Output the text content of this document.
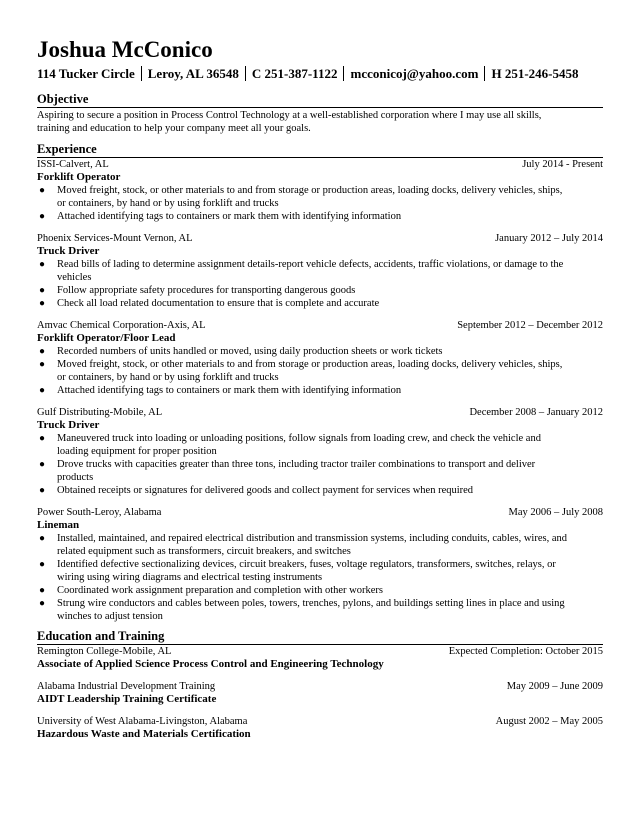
Joshua McConico
114 Tucker Circle Leroy, AL 36548 C 251-387-1122 mcconicoj@yahoo.com H 251-246-5458
Objective
Aspiring to secure a position in Process Control Technology at a well-established corporation where I may use all skills,
training and education to help your company meet all your goals.
Experience
ISSI-Calvert, AL	July 2014 - Present
Forklift Operator
● Moved freight, stock, or other materials to and from storage or production areas, loading docks, delivery vehicles, ships,
or containers, by hand or by using forklift and trucks
● Attached identifying tags to containers or mark them with identifying information
Phoenix Services-Mount Vernon, AL	January 2012 – July 2014
Truck Driver
● Read bills of lading to determine assignment details-report vehicle defects, accidents, traffic violations, or damage to the
vehicles
● Follow appropriate safety procedures for transporting dangerous goods
● Check all load related documentation to ensure that is complete and accurate
Amvac Chemical Corporation-Axis, AL	September 2012 – December 2012
Forklift Operator/Floor Lead
● Recorded numbers of units handled or moved, using daily production sheets or work tickets
● Moved freight, stock, or other materials to and from storage or production areas, loading docks, delivery vehicles, ships,
or containers, by hand or by using forklift and trucks
● Attached identifying tags to containers or mark them with identifying information
Gulf Distributing-Mobile, AL	December 2008 – January 2012
Truck Driver
● Maneuvered truck into loading or unloading positions, follow signals from loading crew, and check the vehicle and
loading equipment for proper position
● Drove trucks with capacities greater than three tons, including tractor trailer combinations to transport and deliver
products
● Obtained receipts or signatures for delivered goods and collect payment for services when required
Power South-Leroy, Alabama	May 2006 – July 2008
Lineman
● Installed, maintained, and repaired electrical distribution and transmission systems, including conduits, cables, wires, and
related equipment such as transformers, circuit breakers, and switches
● Identified defective sectionalizing devices, circuit breakers, fuses, voltage regulators, transformers, switches, relays, or
wiring using wiring diagrams and electrical testing instruments
● Coordinated work assignment preparation and completion with other workers
● Strung wire conductors and cables between poles, towers, trenches, pylons, and buildings setting lines in place and using
winches to adjust tension
Education and Training
Remington College-Mobile, AL	Expected Completion: October 2015
Associate of Applied Science Process Control and Engineering Technology
Alabama Industrial Development Training	May 2009 – June 2009
AIDT Leadership Training Certificate
University of West Alabama-Livingston, Alabama	August 2002 – May 2005
Hazardous Waste and Materials Certification
